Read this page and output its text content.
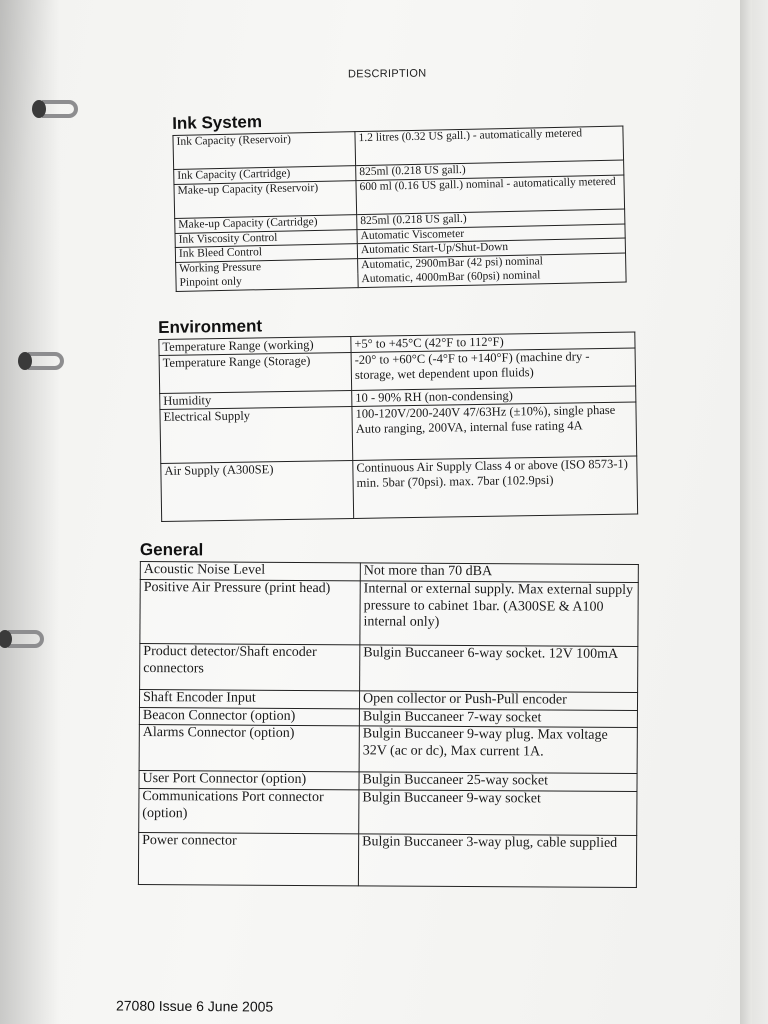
DESCRIPTION
Ink System
Ink Capacity (Reservoir)	1.2 litres (0.32 US gall.) - automatically metered
Ink Capacity (Cartridge)	825ml (0.218 US gall.)
Make-up Capacity (Reservoir)	600 ml (0.16 US gall.) nominal - automatically metered
Make-up Capacity (Cartridge)	825ml (0.218 US gall.)
Ink Viscosity Control	Automatic Viscometer
Ink Bleed Control	Automatic Start-Up/Shut-Down
Working Pressure	Automatic, 2900mBar (42 psi) nominal
Pinpoint only	Automatic, 4000mBar (60psi) nominal
Environment
Temperature Range (working)	+5° to +45°C (42°F to 112°F)
Temperature Range (Storage)	-20° to +60°C (-4°F to +140°F) (machine dry - storage, wet dependent upon fluids)
Humidity	10 - 90% RH (non-condensing)
Electrical Supply	100-120V/200-240V 47/63Hz (±10%), single phase Auto ranging, 200VA, internal fuse rating 4A
Air Supply (A300SE)	Continuous Air Supply Class 4 or above (ISO 8573-1) min. 5bar (70psi). max. 7bar (102.9psi)
General
Acoustic Noise Level	Not more than 70 dBA
Positive Air Pressure (print head)	Internal or external supply. Max external supply pressure to cabinet 1bar. (A300SE & A100 internal only)
Product detector/Shaft encoder connectors	Bulgin Buccaneer 6-way socket. 12V 100mA
Shaft Encoder Input	Open collector or Push-Pull encoder
Beacon Connector (option)	Bulgin Buccaneer 7-way socket
Alarms Connector (option)	Bulgin Buccaneer 9-way plug. Max voltage 32V (ac or dc), Max current 1A.
User Port Connector (option)	Bulgin Buccaneer 25-way socket
Communications Port connector (option)	Bulgin Buccaneer 9-way socket
Power connector	Bulgin Buccaneer 3-way plug, cable supplied
27080 Issue 6 June 2005
